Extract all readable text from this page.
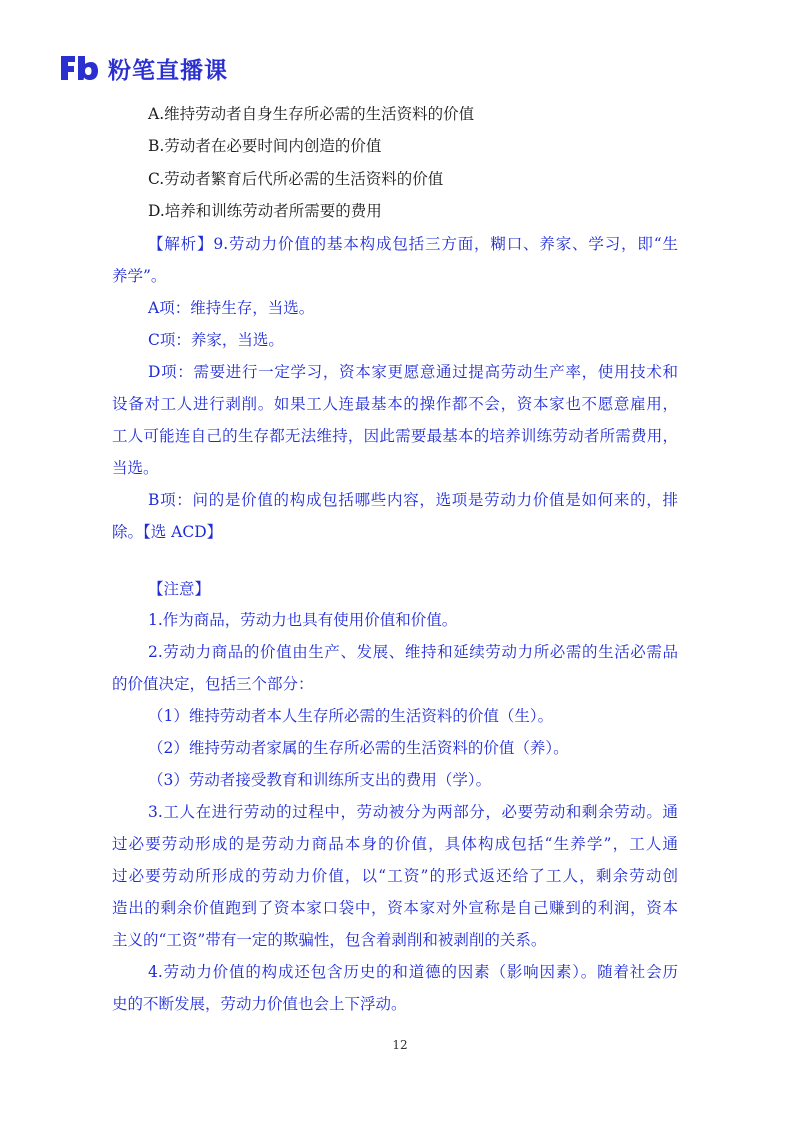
粉笔直播课
A.维持劳动者自身生存所必需的生活资料的价值
B.劳动者在必要时间内创造的价值
C.劳动者繁育后代所必需的生活资料的价值
D.培养和训练劳动者所需要的费用
【解析】9.劳动力价值的基本构成包括三方面，糊口、养家、学习，即“生
养学”。
A项：维持生存，当选。
C项：养家，当选。
D项：需要进行一定学习，资本家更愿意通过提高劳动生产率，使用技术和
设备对工人进行剥削。如果工人连最基本的操作都不会，资本家也不愿意雇用，
工人可能连自己的生存都无法维持，因此需要最基本的培养训练劳动者所需费用，
当选。
B项：问的是价值的构成包括哪些内容，选项是劳动力价值是如何来的，排
除。【选 ACD】
【注意】
1.作为商品，劳动力也具有使用价值和价值。
2.劳动力商品的价值由生产、发展、维持和延续劳动力所必需的生活必需品
的价值决定，包括三个部分：
（1）维持劳动者本人生存所必需的生活资料的价值（生）。
（2）维持劳动者家属的生存所必需的生活资料的价值（养）。
（3）劳动者接受教育和训练所支出的费用（学）。
3.工人在进行劳动的过程中，劳动被分为两部分，必要劳动和剩余劳动。通
过必要劳动形成的是劳动力商品本身的价值，具体构成包括“生养学”，工人通
过必要劳动所形成的劳动力价值，以“工资”的形式返还给了工人，剩余劳动创
造出的剩余价值跑到了资本家口袋中，资本家对外宣称是自己赚到的利润，资本
主义的“工资”带有一定的欺骗性，包含着剥削和被剥削的关系。
4.劳动力价值的构成还包含历史的和道德的因素（影响因素）。随着社会历
史的不断发展，劳动力价值也会上下浮动。
12
